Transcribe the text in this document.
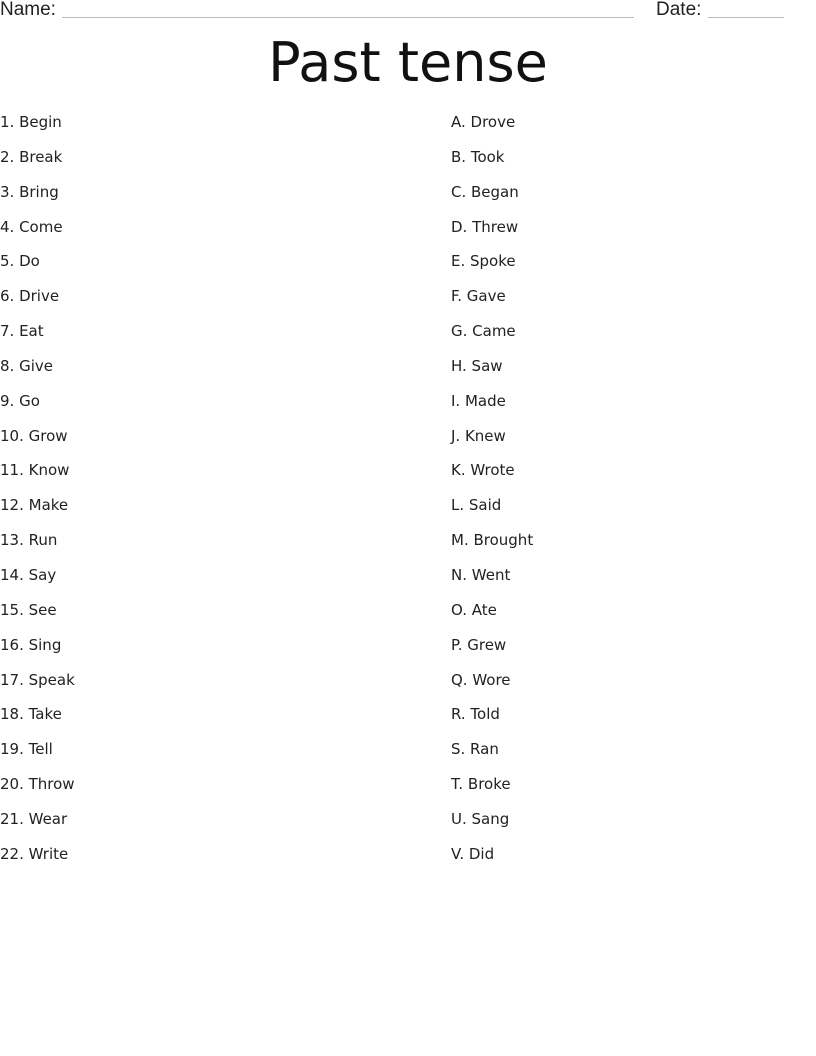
Name:	Date:
Past tense
1. Begin
2. Break
3. Bring
4. Come
5. Do
6. Drive
7. Eat
8. Give
9. Go
10. Grow
11. Know
12. Make
13. Run
14. Say
15. See
16. Sing
17. Speak
18. Take
19. Tell
20. Throw
21. Wear
22. Write
A. Drove
B. Took
C. Began
D. Threw
E. Spoke
F. Gave
G. Came
H. Saw
I. Made
J. Knew
K. Wrote
L. Said
M. Brought
N. Went
O. Ate
P. Grew
Q. Wore
R. Told
S. Ran
T. Broke
U. Sang
V. Did
